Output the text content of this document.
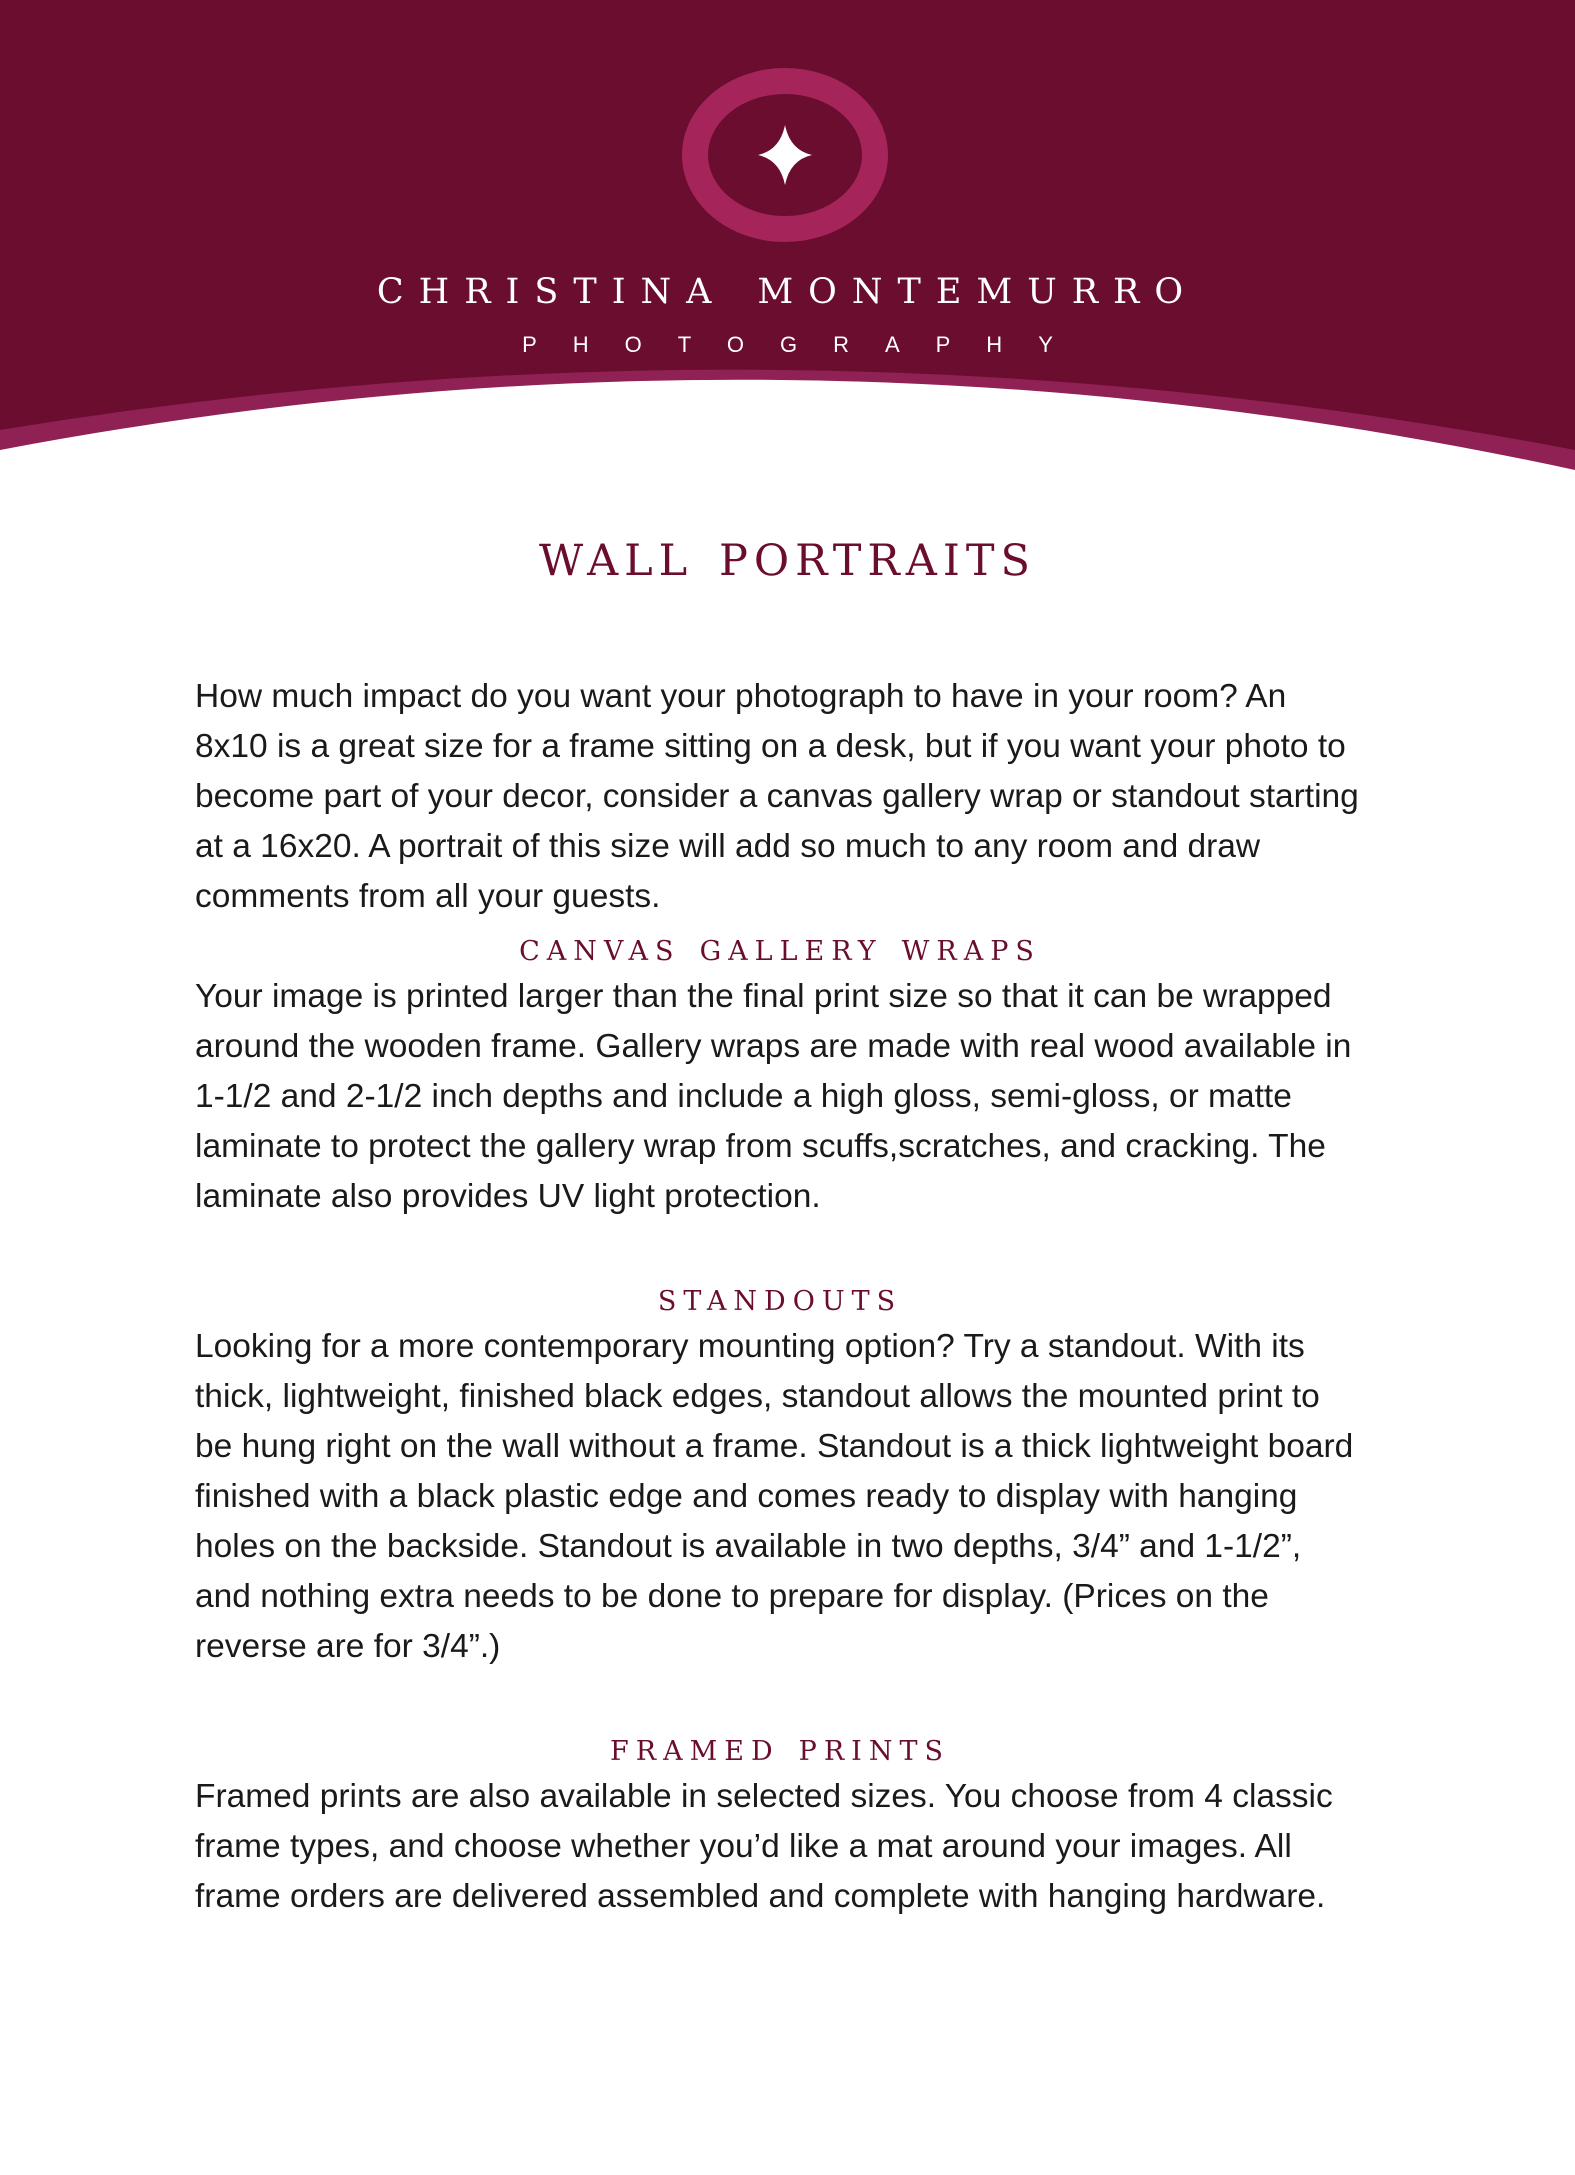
christina montemurro

PHOTOGRAPHY

wall portraits

How much impact do you want your photograph to have in your room? An 8x10 is a great size for a frame sitting on a desk, but if you want your photo to become part of your decor, consider a canvas gallery wrap or standout starting at a 16x20. A portrait of this size will add so much to any room and draw comments from all your guests.

canvas gallery wraps

Your image is printed larger than the final print size so that it can be wrapped around the wooden frame. Gallery wraps are made with real wood available in 1-1/2 and 2-1/2 inch depths and include a high gloss, semi-gloss, or matte laminate to protect the gallery wrap from scuffs,scratches, and cracking. The laminate also provides UV light protection.

standouts

Looking for a more contemporary mounting option? Try a standout. With its thick, lightweight, finished black edges, standout allows the mounted print to be hung right on the wall without a frame. Standout is a thick lightweight board finished with a black plastic edge and comes ready to display with hanging holes on the backside. Standout is available in two depths, 3/4” and 1-1/2”, and nothing extra needs to be done to prepare for display. (Prices on the reverse are for 3/4”.)

framed prints

Framed prints are also available in selected sizes. You choose from 4 classic frame types, and choose whether you’d like a mat around your images. All frame orders are delivered assembled and complete with hanging hardware.
